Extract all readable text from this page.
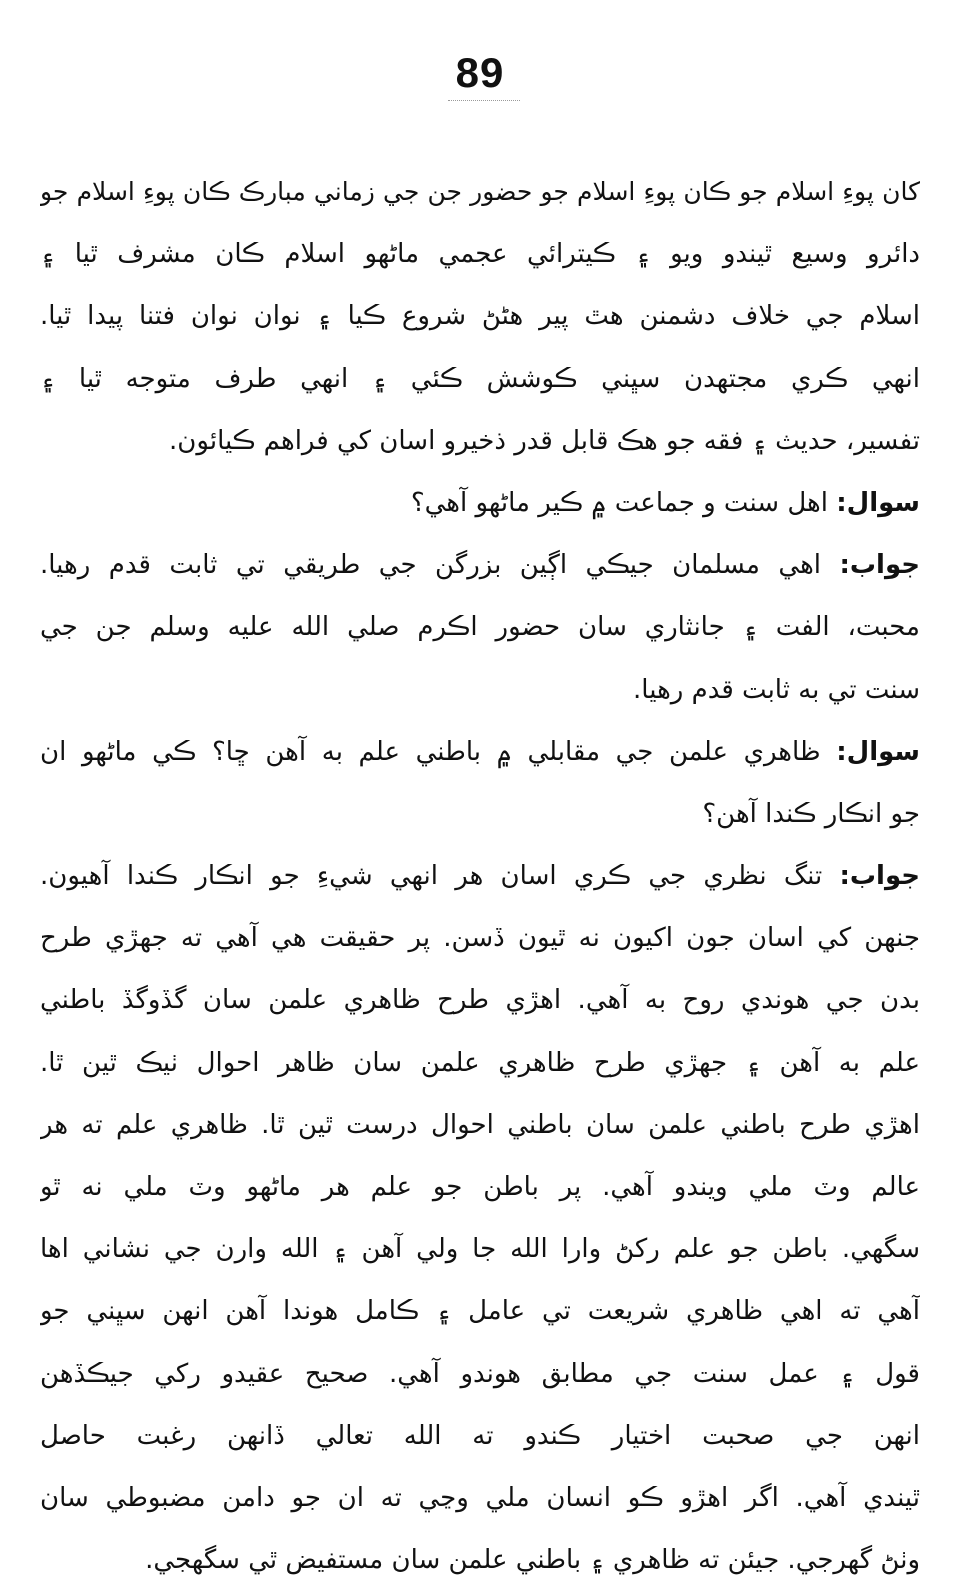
89
کان پوءِ اسلام جو ڪان پوءِ اسلام جو حضور جن جي زماني مبارڪ ڪان پوءِ اسلام جو
دائرو وسيع ٿيندو ويو ۽ ڪيترائي عجمي ماڻهو اسلام ڪان مشرف ٿيا ۽
اسلام جي خلاف دشمنن هٿ پير هڻڻ شروع ڪيا ۽ نوان نوان فتنا پيدا ٿيا.
انهي ڪري مجتهدن سڀني ڪوشش ڪئي ۽ انهي طرف متوجه ٿيا ۽
تفسير، حديث ۽ فقه جو هڪ قابل قدر ذخيرو اسان کي فراهم ڪيائون.
سوال: اهل سنت و جماعت ۾ ڪير ماڻهو آهي؟
جواب: اهي مسلمان جيڪي اڳين بزرگن جي طريقي تي ثابت قدم رهيا.
محبت، الفت ۽ جانثاري سان حضور اڪرم صلي الله عليه وسلم جن جي
سنت تي به ثابت قدم رهيا.
سوال: ظاهري علمن جي مقابلي ۾ باطني علم به آهن ڇا؟ ڪي ماڻهو ان
جو انڪار ڪندا آهن؟
جواب: تنگ نظري جي ڪري اسان هر انهي شيءِ جو انڪار ڪندا آهيون.
جنهن کي اسان جون اکيون نه ٿيون ڏسن. پر حقيقت هي آهي ته جهڙي طرح
بدن جي هوندي روح به آهي. اهڙي طرح ظاهري علمن سان گڏوگڏ باطني
علم به آهن ۽ جهڙي طرح ظاهري علمن سان ظاهر احوال ٺيڪ ٿين ٿا.
اهڙي طرح باطني علمن سان باطني احوال درست ٿين ٿا. ظاهري علم ته هر
عالم وٽ ملي ويندو آهي. پر باطن جو علم هر ماڻهو وٽ ملي نه ٿو
سگهي. باطن جو علم رکڻ وارا الله جا ولي آهن ۽ الله وارن جي نشاني اها
آهي ته اهي ظاهري شريعت تي عامل ۽ ڪامل هوندا آهن انهن سڀني جو
قول ۽ عمل سنت جي مطابق هوندو آهي. صحيح عقيدو رکي جيڪڏهن
انهن جي صحبت اختيار ڪندو ته الله تعالي ڏانهن رغبت حاصل
ٿيندي آهي. اگر اهڙو ڪو انسان ملي وڃي ته ان جو دامن مضبوطي سان
وٺڻ گهرجي. جيئن ته ظاهري ۽ باطني علمن سان مستفيض ٿي سگهجي.
